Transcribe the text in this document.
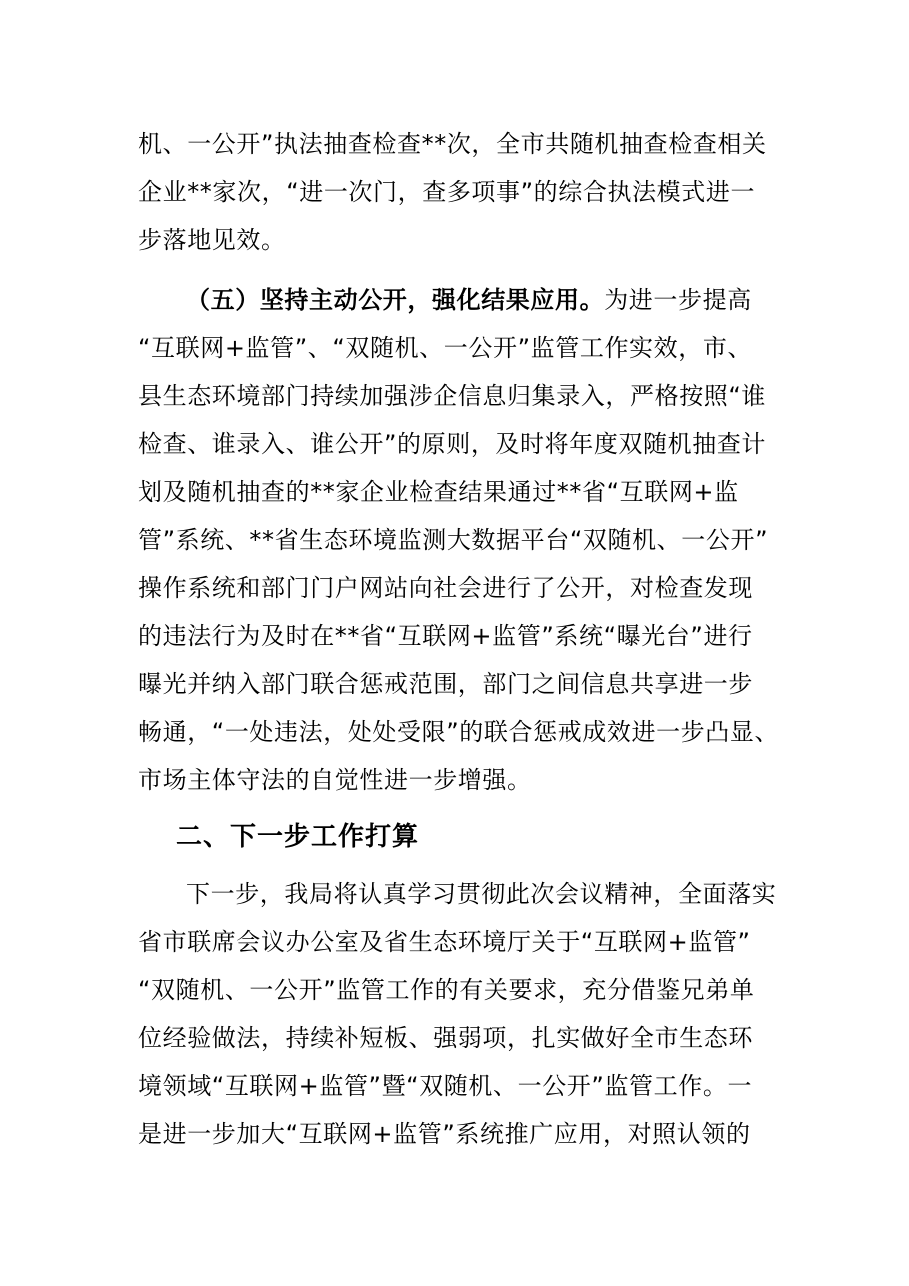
机、一公开”执法抽查检查**次，全市共随机抽查检查相关
企业**家次，“进一次门，查多项事”的综合执法模式进一
步落地见效。
（五）坚持主动公开，强化结果应用。为进一步提高
“互联网+监管”、“双随机、一公开”监管工作实效，市、
县生态环境部门持续加强涉企信息归集录入，严格按照“谁
检查、谁录入、谁公开”的原则，及时将年度双随机抽查计
划及随机抽查的**家企业检查结果通过**省“互联网+监
管”系统、**省生态环境监测大数据平台“双随机、一公开”
操作系统和部门门户网站向社会进行了公开，对检查发现
的违法行为及时在**省“互联网+监管”系统“曝光台”进行
曝光并纳入部门联合惩戒范围，部门之间信息共享进一步
畅通，“一处违法，处处受限”的联合惩戒成效进一步凸显、
市场主体守法的自觉性进一步增强。
二、下一步工作打算
下一步，我局将认真学习贯彻此次会议精神，全面落实
省市联席会议办公室及省生态环境厅关于“互联网+监管”
“双随机、一公开”监管工作的有关要求，充分借鉴兄弟单
位经验做法，持续补短板、强弱项，扎实做好全市生态环
境领域“互联网+监管”暨“双随机、一公开”监管工作。一
是进一步加大“互联网+监管”系统推广应用，对照认领的
